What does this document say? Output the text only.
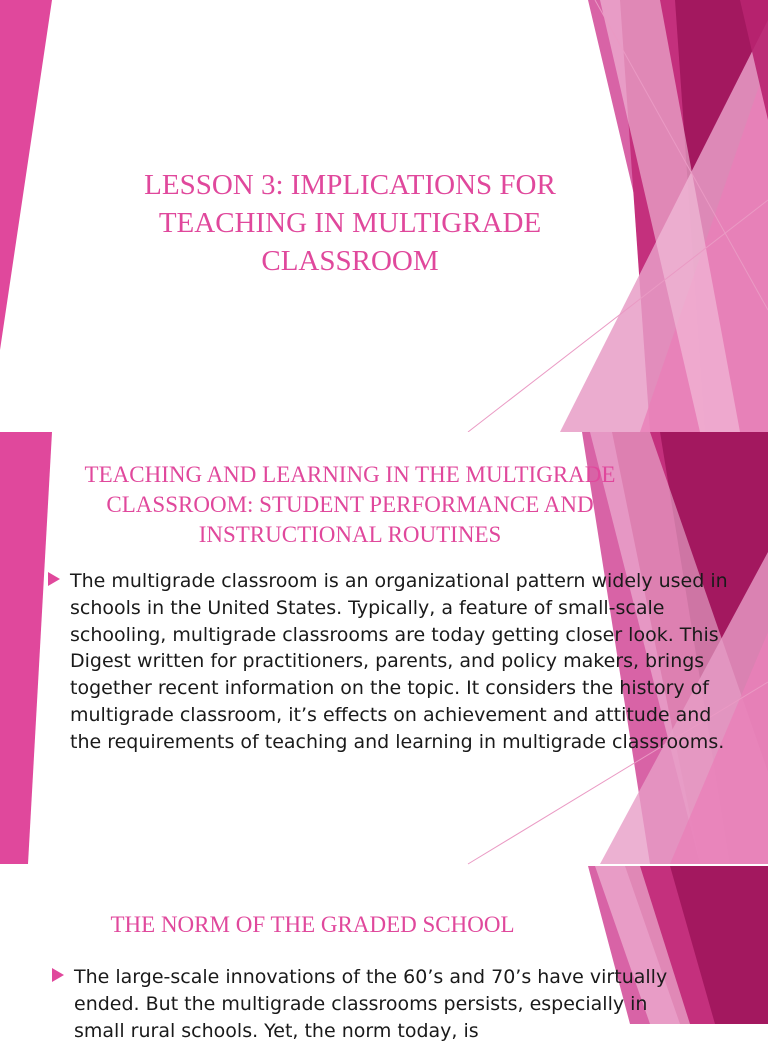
LESSON 3: IMPLICATIONS FOR TEACHING IN MULTIGRADE CLASSROOM
TEACHING AND LEARNING IN THE MULTIGRADE CLASSROOM: STUDENT PERFORMANCE AND INSTRUCTIONAL ROUTINES
The multigrade classroom is an organizational pattern widely used in schools in the United States. Typically, a feature of small-scale schooling, multigrade classrooms are today getting closer look. This Digest written for practitioners, parents, and policy makers, brings together recent information on the topic. It considers the history of multigrade classroom, it’s effects on achievement and attitude and the requirements of teaching and learning in multigrade classrooms.
THE NORM OF THE GRADED SCHOOL
The large-scale innovations of the 60’s and 70’s have virtually ended. But the multigrade classrooms persists, especially in small rural schools. Yet, the norm today, is
